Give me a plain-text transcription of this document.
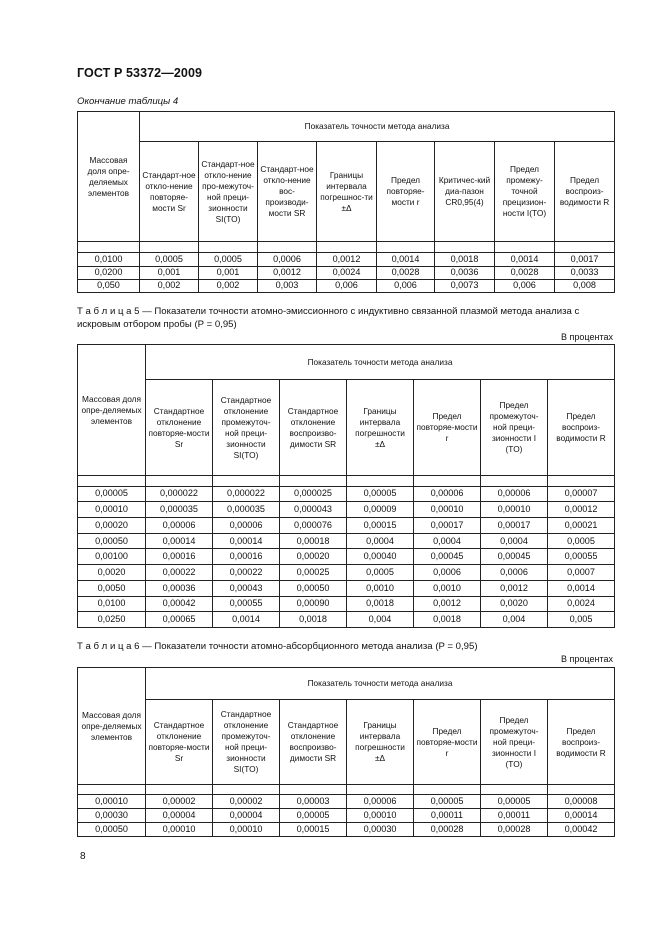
ГОСТ Р 53372—2009
Окончание таблицы 4
Массовая доля опре-деляемых элементов	Показатель точности метода анализа							
	Стандарт-ное откло-нение повторяе-мости Sr	Стандарт-ное откло-нение про-межуточ-ной преци-зионности SI(TO)	Стандарт-ное откло-нение вос-производи-мости SR	Границы интервала погрешнос-ти ±Δ	Предел повторяе-мости r	Критичес-кий диа-пазон CR0,95(4)	Предел промежу-точной прецизион-ности I(TO)	Предел воспроиз-водимости R

0,0100	0,0005	0,0005	0,0006	0,0012	0,0014	0,0018	0,0014	0,0017
0,0200	0,001	0,001	0,0012	0,0024	0,0028	0,0036	0,0028	0,0033
0,050	0,002	0,002	0,003	0,006	0,006	0,0073	0,006	0,008
Т а б л и ц а 5 — Показатели точности атомно-эмиссионного с индуктивно связанной плазмой метода анализа с искровым отбором пробы (P = 0,95)
В процентах
Массовая доля опре-деляемых элементов	Показатель точности метода анализа						
	Стандартное отклонение повторяе-мости Sr	Стандартное отклонение промежуточ-ной преци-зионности SI(TO)	Стандартное отклонение воспроизво-димости SR	Границы интервала погрешности ±Δ	Предел повторяе-мости r	Предел промежуточ-ной преци-зионности I (TO)	Предел воспроиз-водимости R

0,00005	0,000022	0,000022	0,000025	0,00005	0,00006	0,00006	0,00007
0,00010	0,000035	0,000035	0,000043	0,00009	0,00010	0,00010	0,00012
0,00020	0,00006	0,00006	0,000076	0,00015	0,00017	0,00017	0,00021
0,00050	0,00014	0,00014	0,00018	0,0004	0,0004	0,0004	0,0005
0,00100	0,00016	0,00016	0,00020	0,00040	0,00045	0,00045	0,00055
0,0020	0,00022	0,00022	0,00025	0,0005	0,0006	0,0006	0,0007
0,0050	0,00036	0,00043	0,00050	0,0010	0,0010	0,0012	0,0014
0,0100	0,00042	0,00055	0,00090	0,0018	0,0012	0,0020	0,0024
0,0250	0,00065	0,0014	0,0018	0,004	0,0018	0,004	0,005
Т а б л и ц а 6 — Показатели точности атомно-абсорбционного метода анализа (P = 0,95)
В процентах
Массовая доля опре-деляемых элементов	Показатель точности метода анализа						
	Стандартное отклонение повторяе-мости Sr	Стандартное отклонение промежуточ-ной преци-зионности SI(TO)	Стандартное отклонение воспроизво-димости SR	Границы интервала погрешности ±Δ	Предел повторяе-мости r	Предел промежуточ-ной преци-зионности I (TO)	Предел воспроиз-водимости R

0,00010	0,00002	0,00002	0,00003	0,00006	0,00005	0,00005	0,00008
0,00030	0,00004	0,00004	0,00005	0,00010	0,00011	0,00011	0,00014
0,00050	0,00010	0,00010	0,00015	0,00030	0,00028	0,00028	0,00042
8
